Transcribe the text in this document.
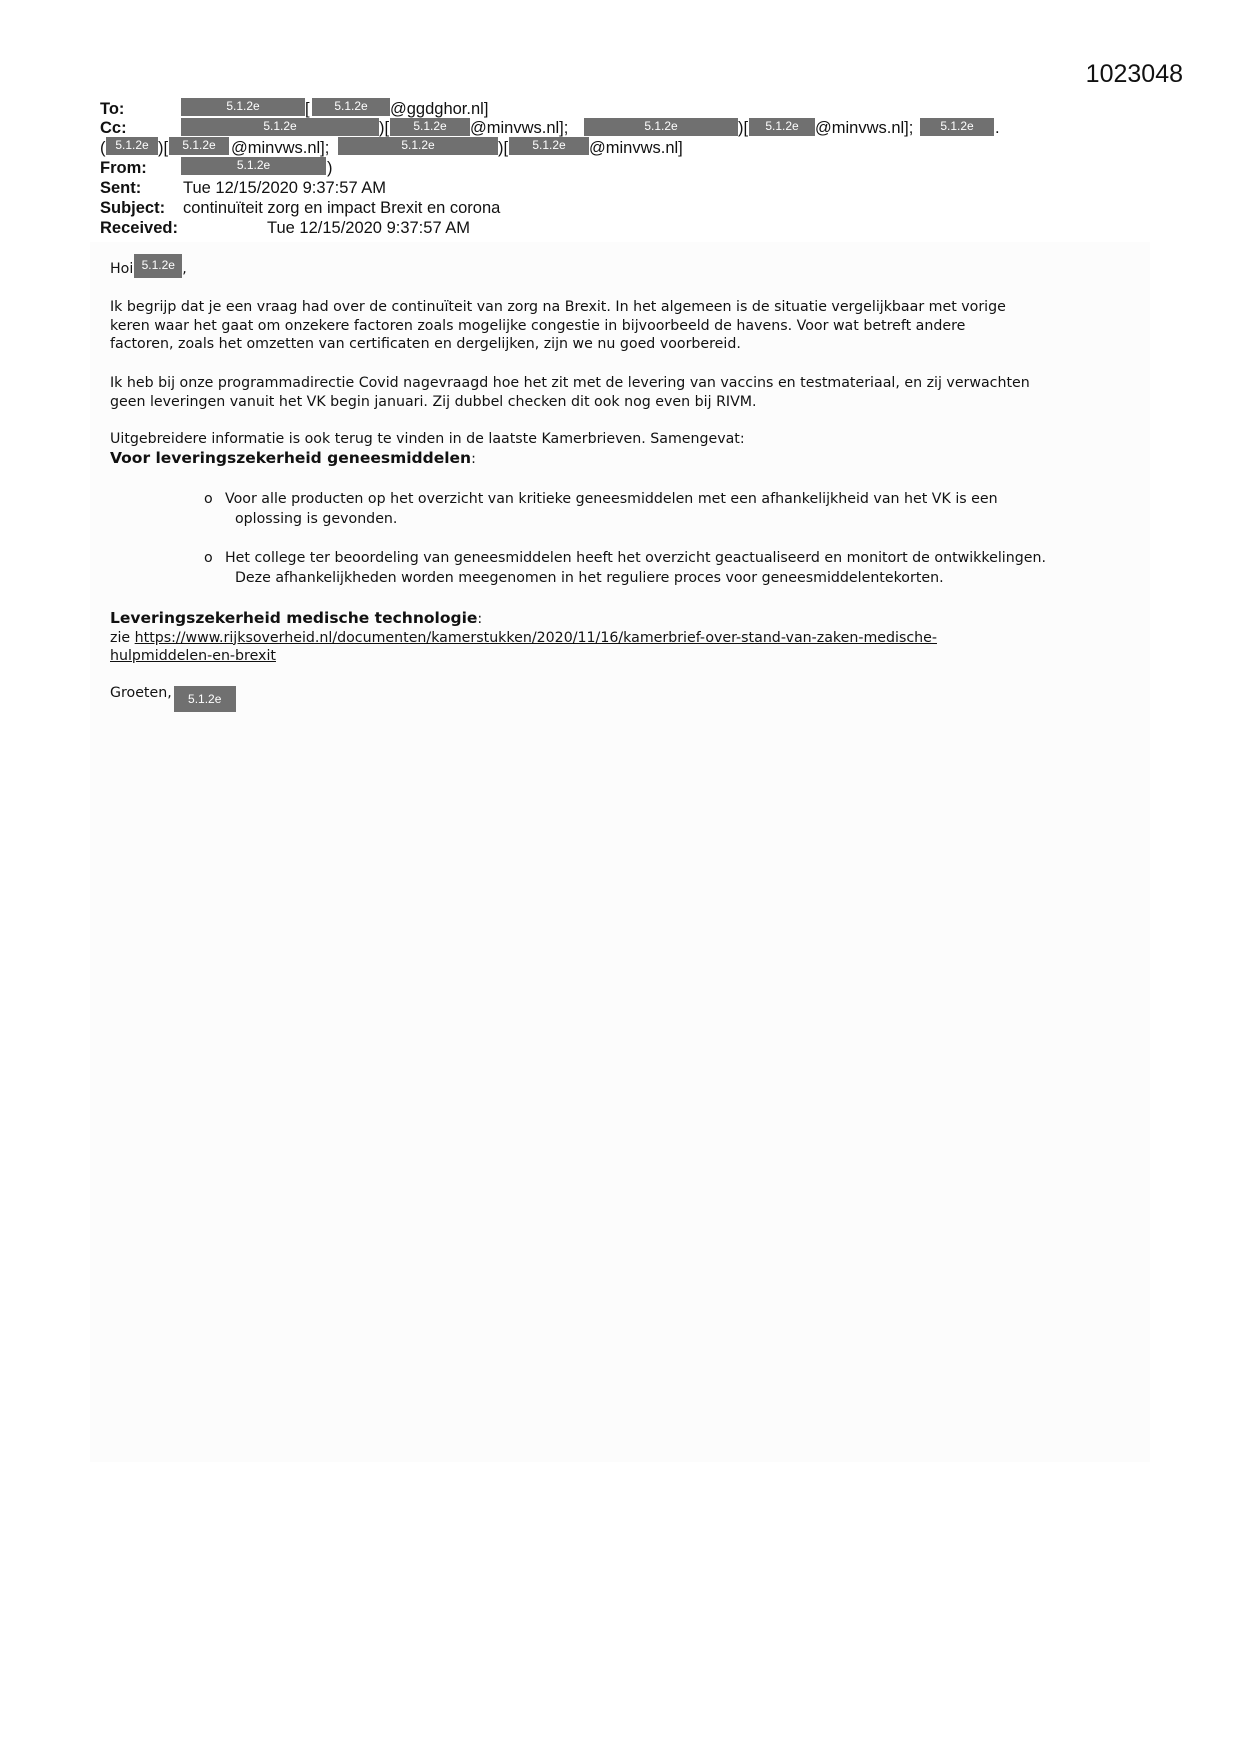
1023048
To:	5.1.2e	[	5.1.2e	@ggdghor.nl]
Cc:	5.1.2e	)[	5.1.2e	@minvws.nl];	5.1.2e	)[	5.1.2e @minvws.nl];	5.1.2e	.
( 5.1.2e )[	5.1.2e @minvws.nl];	5.1.2e	)[	5.1.2e	@minvws.nl]
From:	5.1.2e	)
Sent:	Tue 12/15/2020 9:37:57 AM
Subject: continuïteit zorg en impact Brexit en corona
Received:	Tue 12/15/2020 9:37:57 AM
Hoi 5.1.2e ,
Ik begrijp dat je een vraag had over de continuïteit van zorg na Brexit. In het algemeen is de situatie vergelijkbaar met vorige
keren waar het gaat om onzekere factoren zoals mogelijke congestie in bijvoorbeeld de havens. Voor wat betreft andere
factoren, zoals het omzetten van certificaten en dergelijken, zijn we nu goed voorbereid.
Ik heb bij onze programmadirectie Covid nagevraagd hoe het zit met de levering van vaccins en testmateriaal, en zij verwachten
geen leveringen vanuit het VK begin januari. Zij dubbel checken dit ook nog even bij RIVM.
Uitgebreidere informatie is ook terug te vinden in de laatste Kamerbrieven. Samengevat:
Voor leveringszekerheid geneesmiddelen:
o Voor alle producten op het overzicht van kritieke geneesmiddelen met een afhankelijkheid van het VK is een
oplossing is gevonden.
o Het college ter beoordeling van geneesmiddelen heeft het overzicht geactualiseerd en monitort de ontwikkelingen.
Deze afhankelijkheden worden meegenomen in het reguliere proces voor geneesmiddelentekorten.
Leveringszekerheid medische technologie:
zie https://www.rijksoverheid.nl/documenten/kamerstukken/2020/11/16/kamerbrief-over-stand-van-zaken-medische-
hulpmiddelen-en-brexit
Groeten, 5.1.2e
